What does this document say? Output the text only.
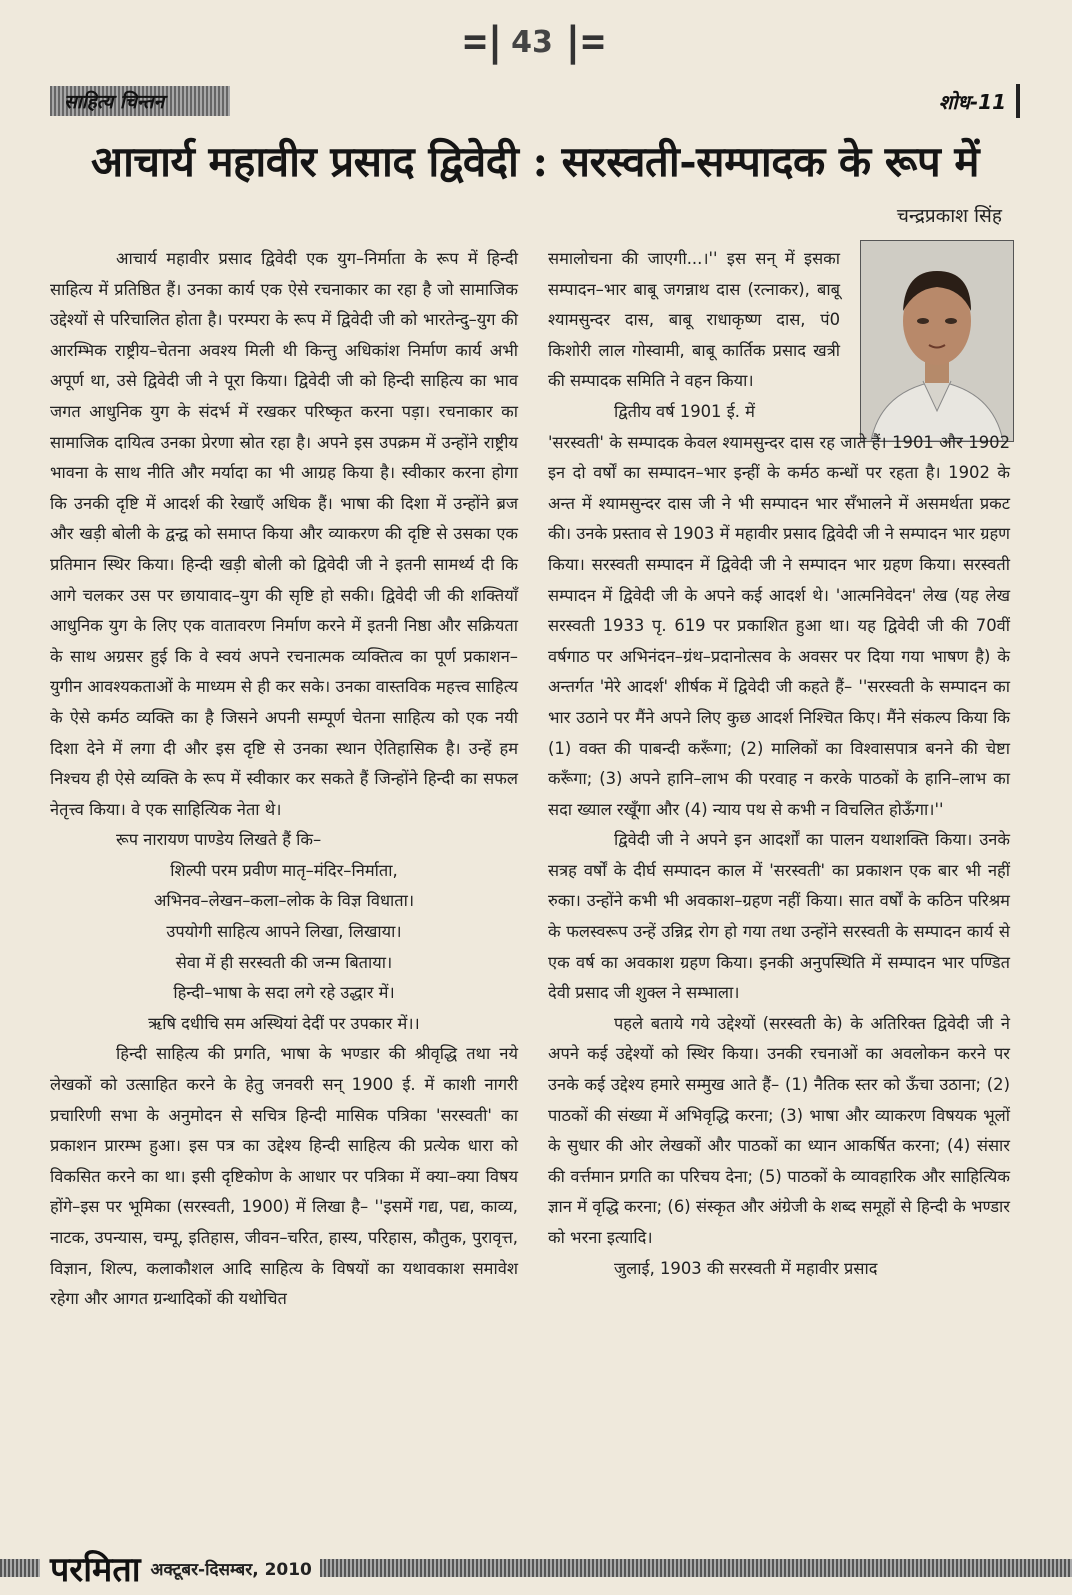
=| 43 |=
साहित्य चिन्तन	शोध-11
आचार्य महावीर प्रसाद द्विवेदी : सरस्वती-सम्पादक के रूप में
चन्द्रप्रकाश सिंह

आचार्य महावीर प्रसाद द्विवेदी एक युग–निर्माता के रूप में हिन्दी साहित्य में प्रतिष्ठित हैं। उनका कार्य एक ऐसे रचनाकार का रहा है जो सामाजिक उद्देश्यों से परिचालित होता है। परम्परा के रूप में द्विवेदी जी को भारतेन्दु–युग की आरम्भिक राष्ट्रीय–चेतना अवश्य मिली थी किन्तु अधिकांश निर्माण कार्य अभी अपूर्ण था, उसे द्विवेदी जी ने पूरा किया। द्विवेदी जी को हिन्दी साहित्य का भाव जगत आधुनिक युग के संदर्भ में रखकर परिष्कृत करना पड़ा। रचनाकार का सामाजिक दायित्व उनका प्रेरणा स्रोत रहा है। अपने इस उपक्रम में उन्होंने राष्ट्रीय भावना के साथ नीति और मर्यादा का भी आग्रह किया है। स्वीकार करना होगा कि उनकी दृष्टि में आदर्श की रेखाएँ अधिक हैं। भाषा की दिशा में उन्होंने ब्रज और खड़ी बोली के द्वन्द्व को समाप्त किया और व्याकरण की दृष्टि से उसका एक प्रतिमान स्थिर किया। हिन्दी खड़ी बोली को द्विवेदी जी ने इतनी सामर्थ्य दी कि आगे चलकर उस पर छायावाद–युग की सृष्टि हो सकी। द्विवेदी जी की शक्तियाँ आधुनिक युग के लिए एक वातावरण निर्माण करने में इतनी निष्ठा और सक्रियता के साथ अग्रसर हुई कि वे स्वयं अपने रचनात्मक व्यक्तित्व का पूर्ण प्रकाशन–युगीन आवश्यकताओं के माध्यम से ही कर सके। उनका वास्तविक महत्त्व साहित्य के ऐसे कर्मठ व्यक्ति का है जिसने अपनी सम्पूर्ण चेतना साहित्य को एक नयी दिशा देने में लगा दी और इस दृष्टि से उनका स्थान ऐतिहासिक है। उन्हें हम निश्चय ही ऐसे व्यक्ति के रूप में स्वीकार कर सकते हैं जिन्होंने हिन्दी का सफल नेतृत्त्व किया। वे एक साहित्यिक नेता थे।

रूप नारायण पाण्डेय लिखते हैं कि–

शिल्पी परम प्रवीण मातृ–मंदिर–निर्माता,
अभिनव–लेखन–कला–लोक के विज्ञ विधाता।
उपयोगी साहित्य आपने लिखा, लिखाया।
सेवा में ही सरस्वती की जन्म बिताया।
हिन्दी–भाषा के सदा लगे रहे उद्धार में।
ऋषि दधीचि सम अस्थियां देदीं पर उपकार में।।

हिन्दी साहित्य की प्रगति, भाषा के भण्डार की श्रीवृद्धि तथा नये लेखकों को उत्साहित करने के हेतु जनवरी सन् 1900 ई. में काशी नागरी प्रचारिणी सभा के अनुमोदन से सचित्र हिन्दी मासिक पत्रिका 'सरस्वती' का प्रकाशन प्रारम्भ हुआ। इस पत्र का उद्देश्य हिन्दी साहित्य की प्रत्येक धारा को विकसित करने का था। इसी दृष्टिकोण के आधार पर पत्रिका में क्या–क्या विषय होंगे–इस पर भूमिका (सरस्वती, 1900) में लिखा है– ''इसमें गद्य, पद्य, काव्य, नाटक, उपन्यास, चम्पू, इतिहास, जीवन–चरित, हास्य, परिहास, कौतुक, पुरावृत्त, विज्ञान, शिल्प, कलाकौशल आदि साहित्य के विषयों का यथावकाश समावेश रहेगा और आगत ग्रन्थादिकों की यथोचित

समालोचना की जाएगी...।'' इस सन् में इसका सम्पादन–भार बाबू जगन्नाथ दास (रत्नाकर), बाबू श्यामसुन्दर दास, बाबू राधाकृष्ण दास, पं0 किशोरी लाल गोस्वामी, बाबू कार्तिक प्रसाद खत्री की सम्पादक समिति ने वहन किया।

द्वितीय वर्ष 1901 ई. में

'सरस्वती' के सम्पादक केवल श्यामसुन्दर दास रह जाते हैं। 1901 और 1902 इन दो वर्षों का सम्पादन–भार इन्हीं के कर्मठ कन्धों पर रहता है। 1902 के अन्त में श्यामसुन्दर दास जी ने भी सम्पादन भार सँभालने में असमर्थता प्रकट की। उनके प्रस्ताव से 1903 में महावीर प्रसाद द्विवेदी जी ने सम्पादन भार ग्रहण किया। सरस्वती सम्पादन में द्विवेदी जी ने सम्पादन भार ग्रहण किया। सरस्वती सम्पादन में द्विवेदी जी के अपने कई आदर्श थे। 'आत्मनिवेदन' लेख (यह लेख सरस्वती 1933 पृ. 619 पर प्रकाशित हुआ था। यह द्विवेदी जी की 70वीं वर्षगाठ पर अभिनंदन–ग्रंथ–प्रदानोत्सव के अवसर पर दिया गया भाषण है) के अन्तर्गत 'मेरे आदर्श' शीर्षक में द्विवेदी जी कहते हैं– ''सरस्वती के सम्पादन का भार उठाने पर मैंने अपने लिए कुछ आदर्श निश्चित किए। मैंने संकल्प किया कि (1) वक्त की पाबन्दी करूँगा; (2) मालिकों का विश्वासपात्र बनने की चेष्टा करूँगा; (3) अपने हानि–लाभ की परवाह न करके पाठकों के हानि–लाभ का सदा ख्याल रखूँगा और (4) न्याय पथ से कभी न विचलित होऊँगा।''

द्विवेदी जी ने अपने इन आदर्शों का पालन यथाशक्ति किया। उनके सत्रह वर्षों के दीर्घ सम्पादन काल में 'सरस्वती' का प्रकाशन एक बार भी नहीं रुका। उन्होंने कभी भी अवकाश–ग्रहण नहीं किया। सात वर्षों के कठिन परिश्रम के फलस्वरूप उन्हें उन्निद्र रोग हो गया तथा उन्होंने सरस्वती के सम्पादन कार्य से एक वर्ष का अवकाश ग्रहण किया। इनकी अनुपस्थिति में सम्पादन भार पण्डित देवी प्रसाद जी शुक्ल ने सम्भाला।

पहले बताये गये उद्देश्यों (सरस्वती के) के अतिरिक्त द्विवेदी जी ने अपने कई उद्देश्यों को स्थिर किया। उनकी रचनाओं का अवलोकन करने पर उनके कई उद्देश्य हमारे सम्मुख आते हैं– (1) नैतिक स्तर को ऊँचा उठाना; (2) पाठकों की संख्या में अभिवृद्धि करना; (3) भाषा और व्याकरण विषयक भूलों के सुधार की ओर लेखकों और पाठकों का ध्यान आकर्षित करना; (4) संसार की वर्त्तमान प्रगति का परिचय देना; (5) पाठकों के व्यावहारिक और साहित्यिक ज्ञान में वृद्धि करना; (6) संस्कृत और अंग्रेजी के शब्द समूहों से हिन्दी के भण्डार को भरना इत्यादि।

जुलाई, 1903 की सरस्वती में महावीर प्रसाद

परमिता अक्टूबर-दिसम्बर, 2010
